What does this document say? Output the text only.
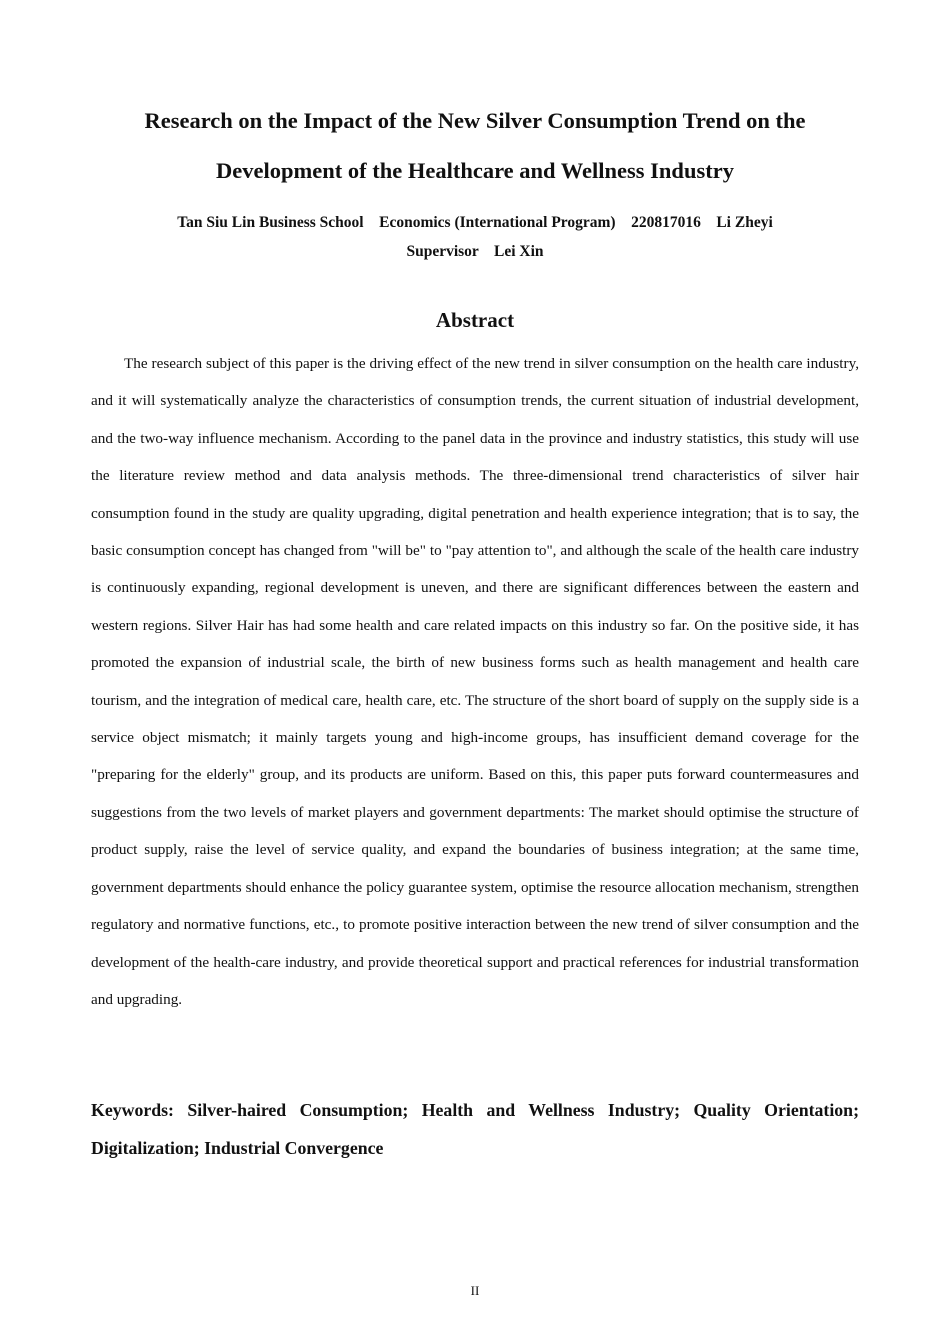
Research on the Impact of the New Silver Consumption Trend on the
Development of the Healthcare and Wellness Industry
Tan Siu Lin Business School    Economics (International Program)    220817016    Li Zheyi
Supervisor    Lei Xin
Abstract

The research subject of this paper is the driving effect of the new trend in silver consumption on the health care industry, and it will systematically analyze the characteristics of consumption trends, the current situation of industrial development, and the two-way influence mechanism. According to the panel data in the province and industry statistics, this study will use the literature review method and data analysis methods. The three-dimensional trend characteristics of silver hair consumption found in the study are quality upgrading, digital penetration and health experience integration; that is to say, the basic consumption concept has changed from "will be" to "pay attention to", and although the scale of the health care industry is continuously expanding, regional development is uneven, and there are significant differences between the eastern and western regions. Silver Hair has had some health and care related impacts on this industry so far. On the positive side, it has promoted the expansion of industrial scale, the birth of new business forms such as health management and health care tourism, and the integration of medical care, health care, etc. The structure of the short board of supply on the supply side is a service object mismatch; it mainly targets young and high-income groups, has insufficient demand coverage for the "preparing for the elderly" group, and its products are uniform. Based on this, this paper puts forward countermeasures and suggestions from the two levels of market players and government departments: The market should optimise the structure of product supply, raise the level of service quality, and expand the boundaries of business integration; at the same time, government departments should enhance the policy guarantee system, optimise the resource allocation mechanism, strengthen regulatory and normative functions, etc., to promote positive interaction between the new trend of silver consumption and the development of the health-care industry, and provide theoretical support and practical references for industrial transformation and upgrading.

Keywords: Silver-haired Consumption; Health and Wellness Industry; Quality Orientation; Digitalization; Industrial Convergence

II
